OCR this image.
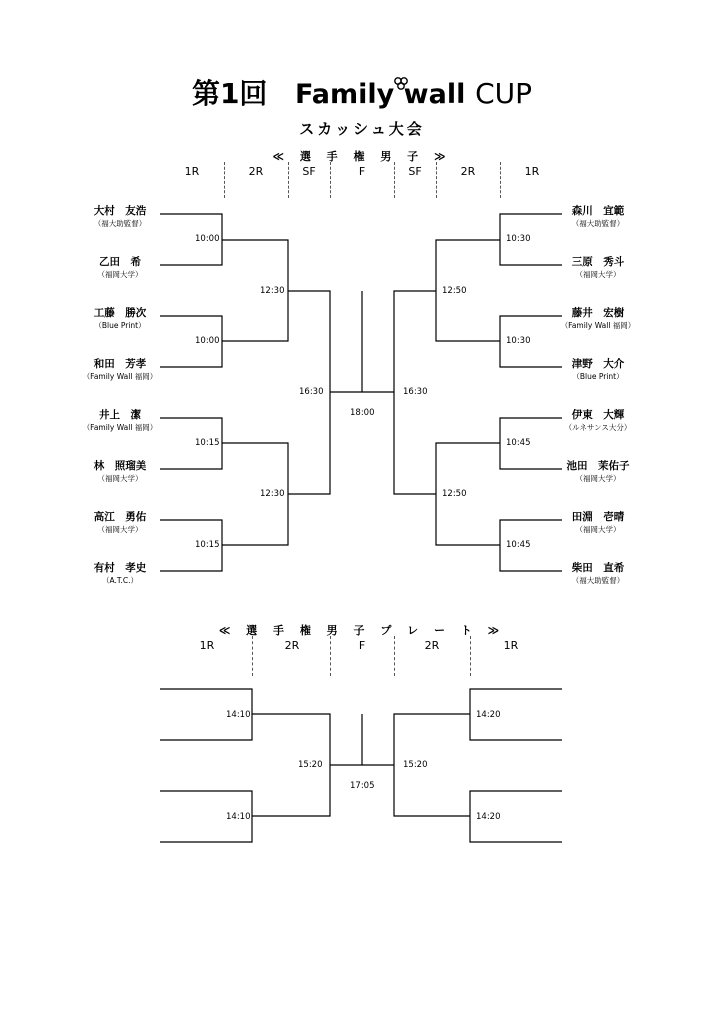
第1回 Family wall CUP
スカッシュ大会
≪ 選 手 権 男 子 ≫
≪ 選 手 権 男 子 プ レ ー ト ≫
1R	2R	SF	F	SF	2R	1R
1R	2R	F	2R	1R
大村　友浩
（福大助監督）
乙田　希
（福岡大学）
工藤　勝次
（Blue Print）
和田　芳孝
（Family Wall 福岡）
井上　潔
（Family Wall 福岡）
林　照瑠美
（福岡大学）
高江　勇佑
（福岡大学）
有村　孝史
（A.T.C.）
森川　宜範
（福大助監督）
三原　秀斗
（福岡大学）
藤井　宏樹
（Family Wall 福岡）
津野　大介
（Blue Print）
伊東　大輝
（ルネサンス大分）
池田　茉佑子
（福岡大学）
田淵　壱晴
（福岡大学）
柴田　直希
（福大助監督）
10:00
10:00
10:15
10:15
12:30
12:30
16:30
18:00
16:30
12:50
12:50
10:30
10:30
10:45
10:45
14:10
14:10
15:20
17:05
15:20
14:20
14:20
